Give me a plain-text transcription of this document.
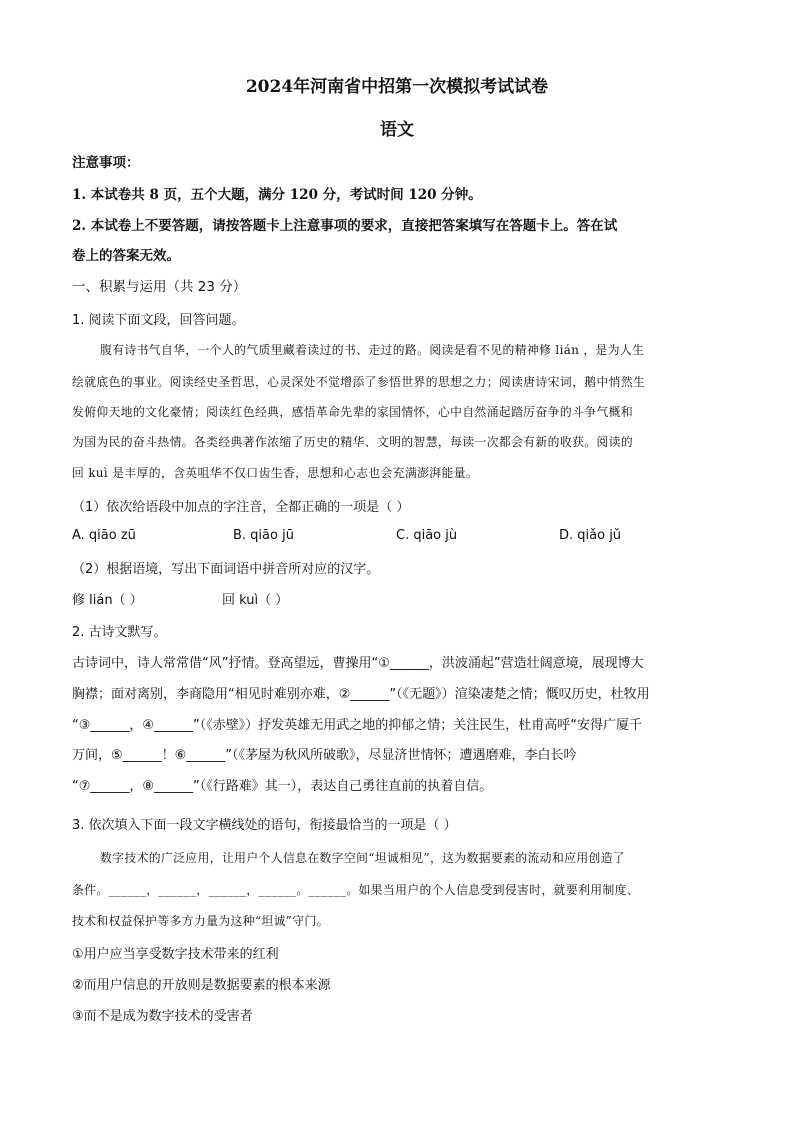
2024年河南省中招第一次模拟考试试卷
语文
注意事项：
1. 本试卷共 8 页，五个大题，满分 120 分，考试时间 120 分钟。
2. 本试卷上不要答题，请按答题卡上注意事项的要求，直接把答案填写在答题卡上。答在试
卷上的答案无效。
一、积累与运用（共 23 分）
1. 阅读下面文段，回答问题。
腹有诗书气自华，一个人的气质里藏着读过的书、走过的路。阅读是看不见的精神修 lián ，是为人生
绘就底色的事业。阅读经史圣哲思，心灵深处不觉增添了参悟世界的思想之力；阅读唐诗宋词，鹅中悄然生
发俯仰天地的文化豪情；阅读红色经典，感悟革命先辈的家国情怀，心中自然涌起踏厉奋争的斗争气概和
为国为民的奋斗热情。各类经典著作浓缩了历史的精华、文明的智慧，每读一次都会有新的收获。阅读的
回 kuì 是丰厚的，含英咀华不仅口齿生香，思想和心志也会充满澎湃能量。
（1）依次给语段中加点的字注音，全都正确的一项是（ ）
A. qiāo zū	B. qiāo jū	C. qiāo jù	D. qiǎo jǔ
（2）根据语境，写出下面词语中拼音所对应的汉字。
修 lián（ ）	回 kuì（ ）
2. 古诗文默写。
古诗词中，诗人常常借“风”抒情。登高望远，曹操用“①______，洪波涌起”营造壮阔意境，展现博大
胸襟；面对离别，李商隐用“相见时难别亦难，②______”（《无题》）渲染凄楚之情；慨叹历史，杜牧用
“③______，④______”（《赤壁》）抒发英雄无用武之地的抑郁之情；关注民生，杜甫高呼“安得广厦千
万间，⑤______！⑥______”（《茅屋为秋风所破歌》，尽显济世情怀；遭遇磨难，李白长吟
“⑦______，⑧______”（《行路难》其一），表达自己勇往直前的执着自信。
3. 依次填入下面一段文字横线处的语句，衔接最恰当的一项是（ ）
数字技术的广泛应用，让用户个人信息在数字空间“坦诚相见”，这为数据要素的流动和应用创造了
条件。______，______，______，______。______。如果当用户的个人信息受到侵害时，就要利用制度、
技术和权益保护等多方力量为这种“坦诚”守门。
①用户应当享受数字技术带来的红利
②而用户信息的开放则是数据要素的根本来源
③而不是成为数字技术的受害者
